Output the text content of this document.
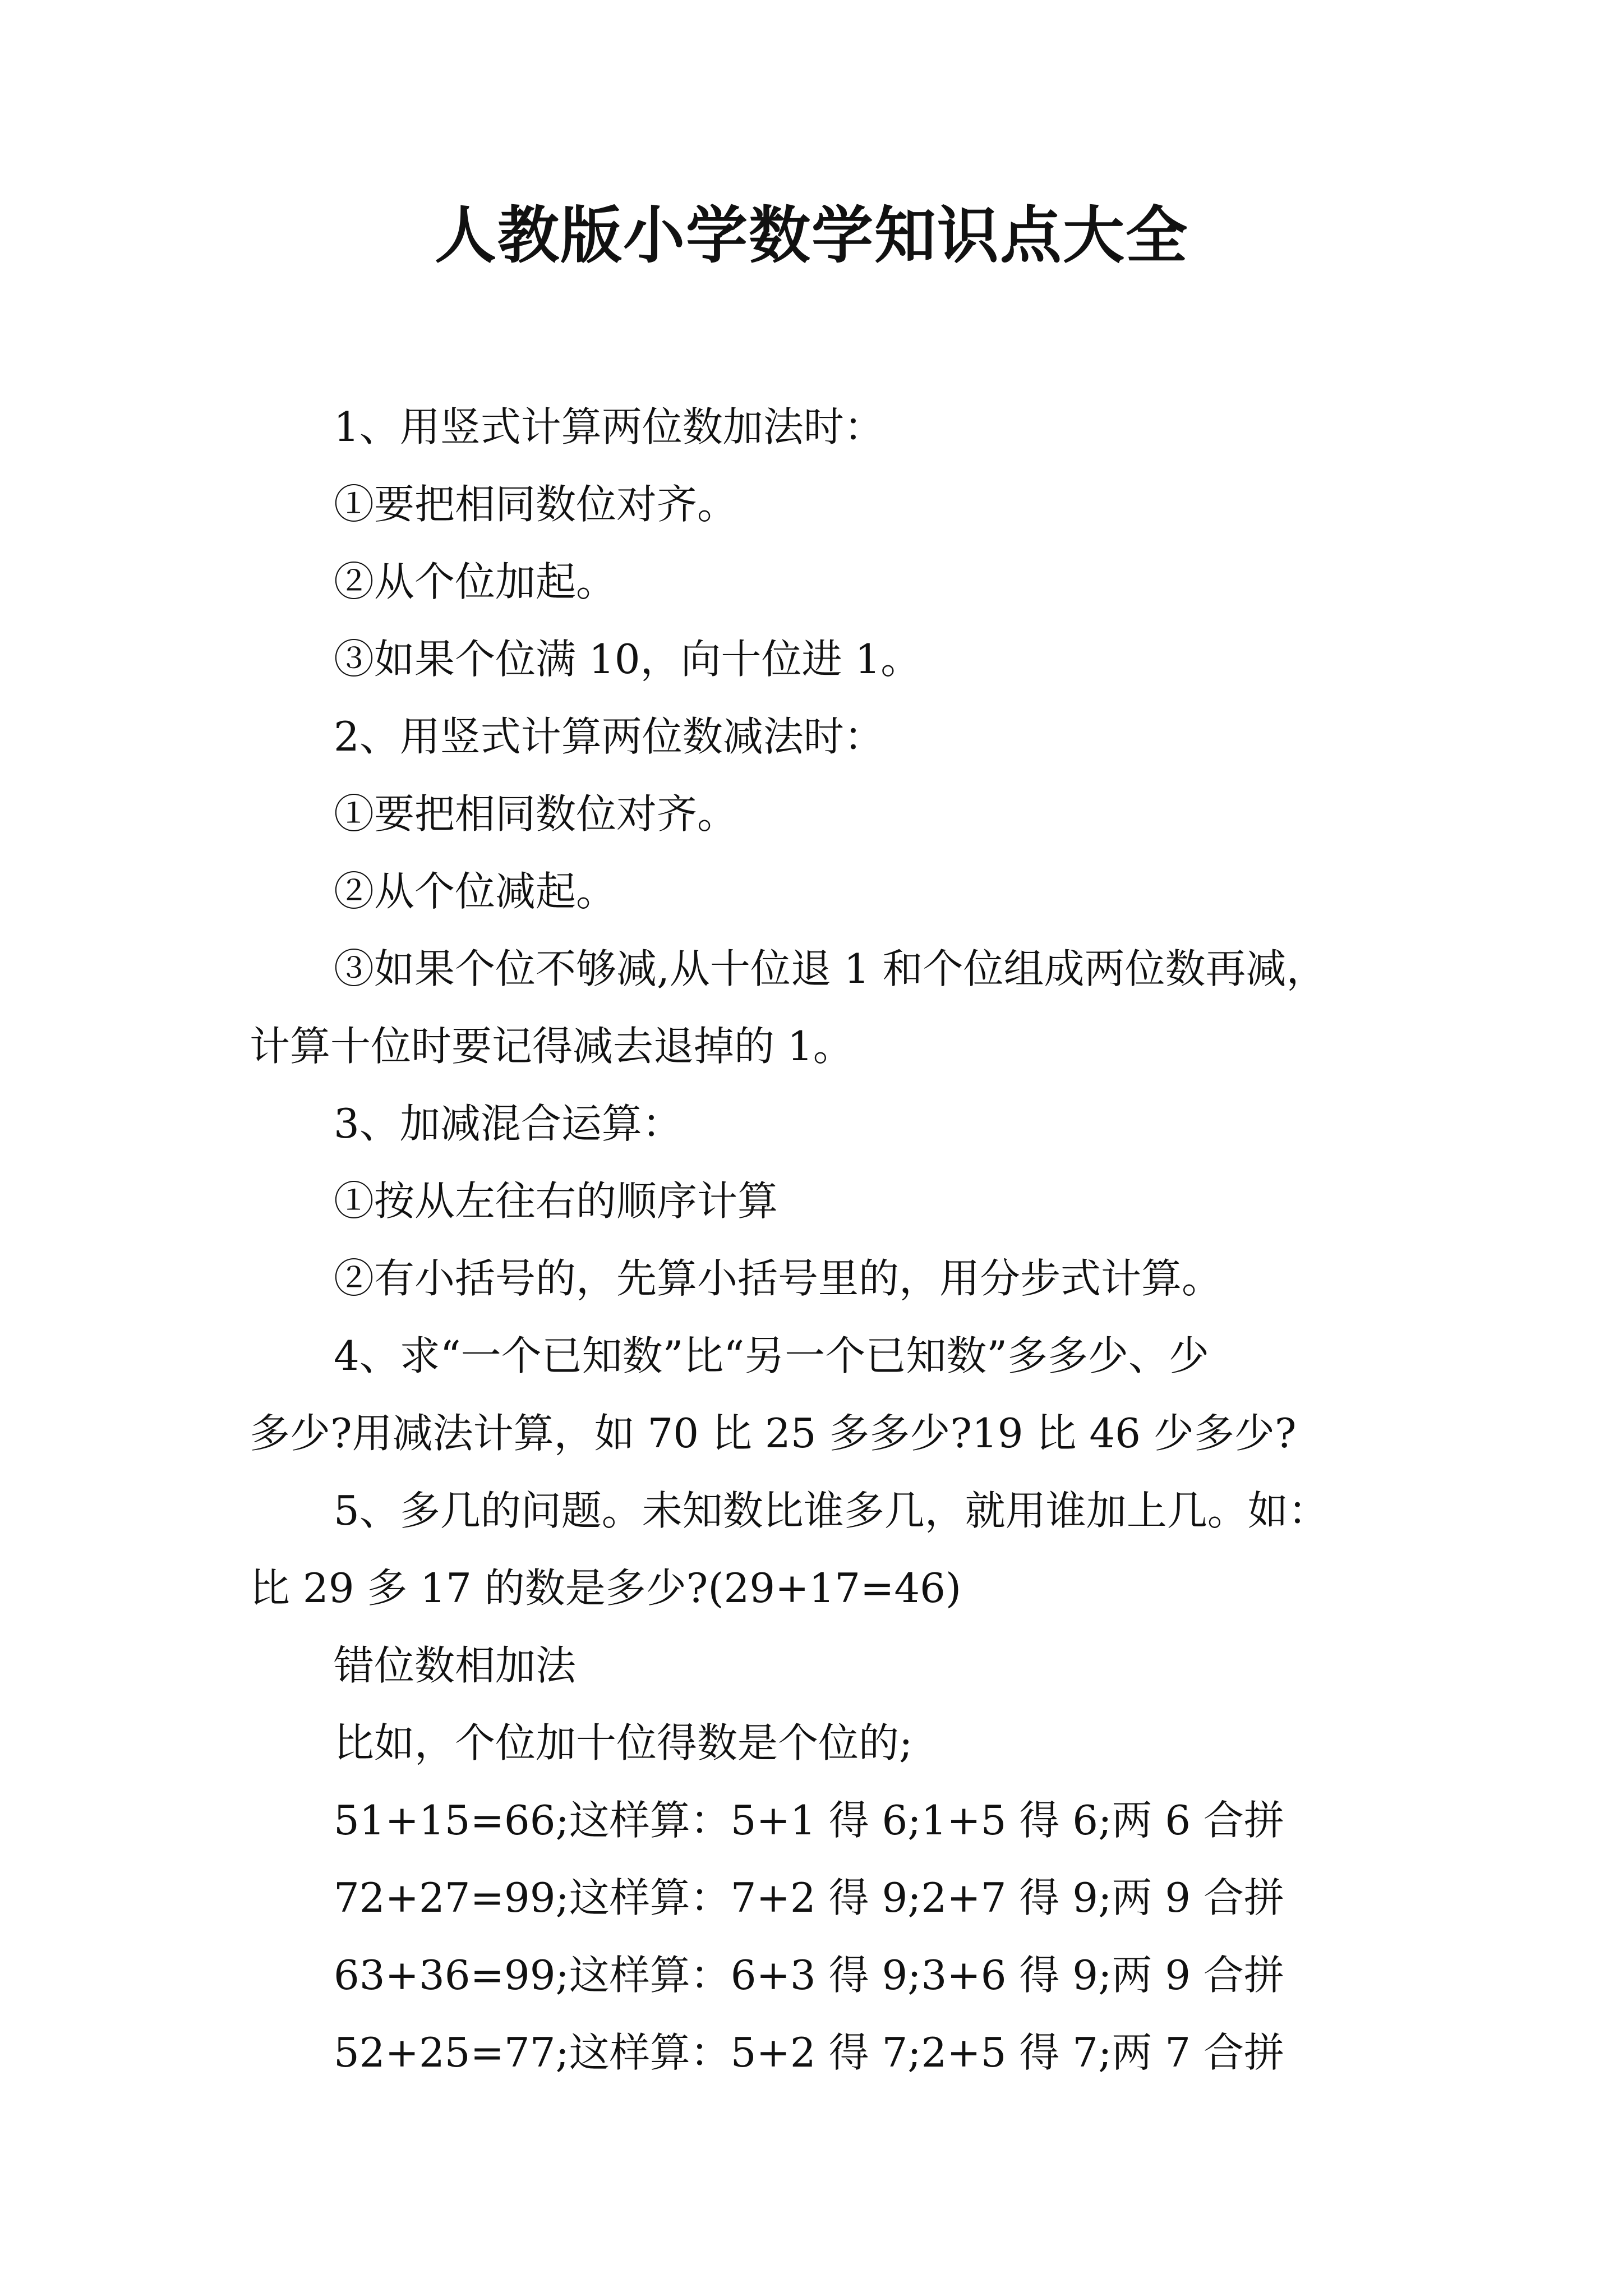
人教版小学数学知识点大全
1、用竖式计算两位数加法时：
①要把相同数位对齐。
②从个位加起。
③如果个位满 10，向十位进 1。
2、用竖式计算两位数减法时：
①要把相同数位对齐。
②从个位减起。
③如果个位不够减,从十位退 1 和个位组成两位数再减，
计算十位时要记得减去退掉的 1。
3、加减混合运算：
①按从左往右的顺序计算
②有小括号的，先算小括号里的，用分步式计算。
4、求“一个已知数”比“另一个已知数”多多少、少
多少?用减法计算，如 70 比 25 多多少?19 比 46 少多少?
5、多几的问题。未知数比谁多几，就用谁加上几。如：
比 29 多 17 的数是多少?(29+17=46)
错位数相加法
比如，个位加十位得数是个位的;
51+15=66;这样算：5+1 得 6;1+5 得 6;两 6 合拼
72+27=99;这样算：7+2 得 9;2+7 得 9;两 9 合拼
63+36=99;这样算：6+3 得 9;3+6 得 9;两 9 合拼
52+25=77;这样算：5+2 得 7;2+5 得 7;两 7 合拼
